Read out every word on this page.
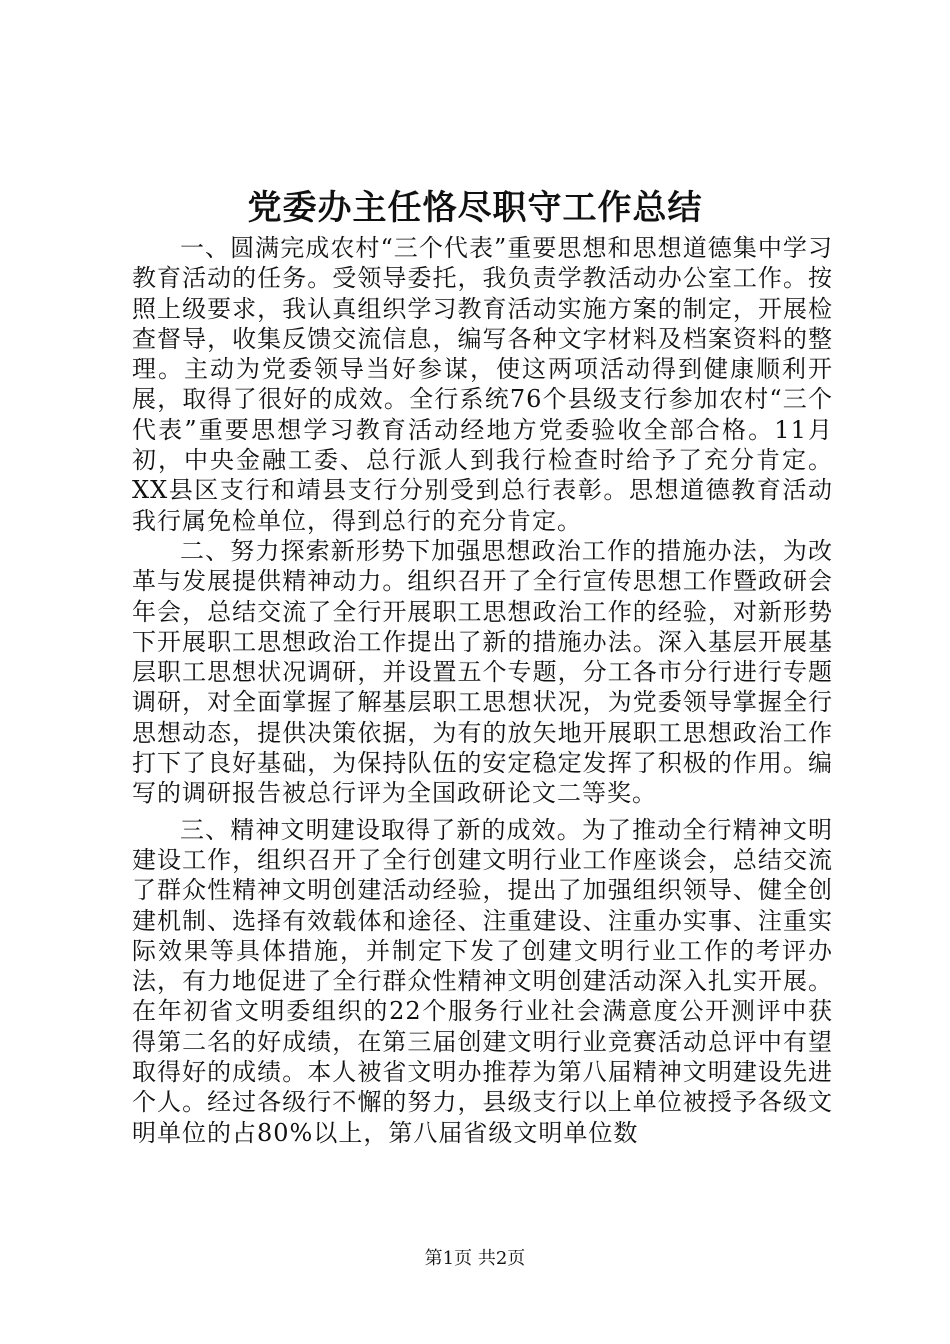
党委办主任恪尽职守工作总结

一、圆满完成农村“三个代表”重要思想和思想道德集中学习教育活动的任务。受领导委托，我负责学教活动办公室工作。按照上级要求，我认真组织学习教育活动实施方案的制定，开展检查督导，收集反馈交流信息，编写各种文字材料及档案资料的整理。主动为党委领导当好参谋，使这两项活动得到健康顺利开展，取得了很好的成效。全行系统76个县级支行参加农村“三个代表”重要思想学习教育活动经地方党委验收全部合格。11月初，中央金融工委、总行派人到我行检查时给予了充分肯定。XX县区支行和靖县支行分别受到总行表彰。思想道德教育活动我行属免检单位，得到总行的充分肯定。

二、努力探索新形势下加强思想政治工作的措施办法，为改革与发展提供精神动力。组织召开了全行宣传思想工作暨政研会年会，总结交流了全行开展职工思想政治工作的经验，对新形势下开展职工思想政治工作提出了新的措施办法。深入基层开展基层职工思想状况调研，并设置五个专题，分工各市分行进行专题调研，对全面掌握了解基层职工思想状况，为党委领导掌握全行思想动态，提供决策依据，为有的放矢地开展职工思想政治工作打下了良好基础，为保持队伍的安定稳定发挥了积极的作用。编写的调研报告被总行评为全国政研论文二等奖。

三、精神文明建设取得了新的成效。为了推动全行精神文明建设工作，组织召开了全行创建文明行业工作座谈会，总结交流了群众性精神文明创建活动经验，提出了加强组织领导、健全创建机制、选择有效载体和途径、注重建设、注重办实事、注重实际效果等具体措施，并制定下发了创建文明行业工作的考评办法，有力地促进了全行群众性精神文明创建活动深入扎实开展。在年初省文明委组织的22个服务行业社会满意度公开测评中获得第二名的好成绩，在第三届创建文明行业竞赛活动总评中有望取得好的成绩。本人被省文明办推荐为第八届精神文明建设先进个人。经过各级行不懈的努力，县级支行以上单位被授予各级文明单位的占80%以上，第八届省级文明单位数

第1页 共2页
